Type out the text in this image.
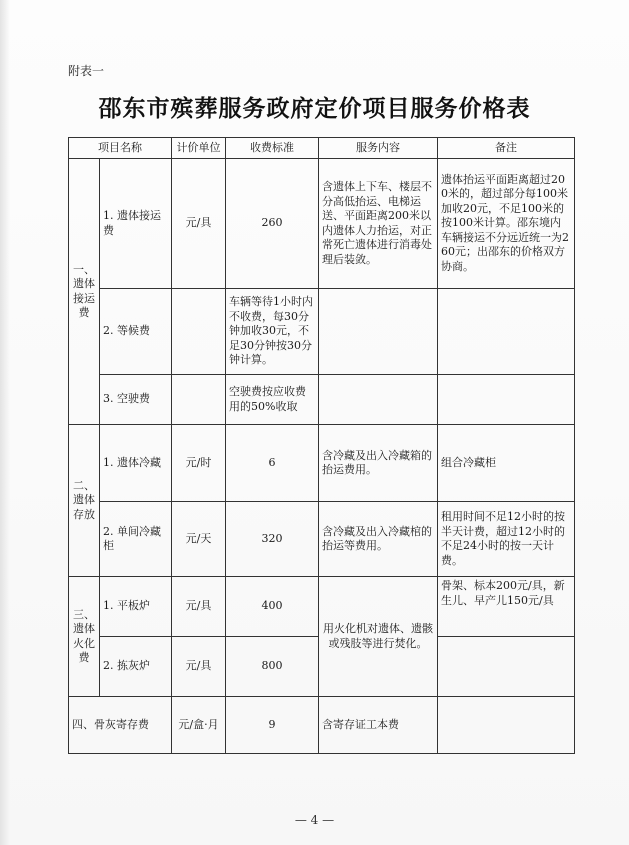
附表一
邵东市殡葬服务政府定价项目服务价格表
项目名称		计价单位	收费标准	服务内容	备注
一、遗体接运费	1. 遗体接运费	元/具	260	含遗体上下车、楼层不分高低抬运、电梯运送、平面距离200米以内遗体人力抬运，对正常死亡遗体进行消毒处理后装敛。	遗体抬运平面距离超过200米的，超过部分每100米加收20元，不足100米的按100米计算。邵东境内车辆接运不分远近统一为260元；出邵东的价格双方协商。
	2. 等候费		车辆等待1小时内不收费，每30分钟加收30元，不足30分钟按30分钟计算。		
	3. 空驶费		空驶费按应收费用的50%收取		
二、遗体存放	1. 遗体冷藏	元/时	6	含冷藏及出入冷藏箱的抬运费用。	组合冷藏柜
	2. 单间冷藏柜	元/天	320	含冷藏及出入冷藏棺的抬运等费用。	租用时间不足12小时的按半天计费，超过12小时的不足24小时的按一天计费。
三、遗体火化费	1. 平板炉	元/具	400	用火化机对遗体、遗骸或残肢等进行焚化。	骨架、标本200元/具，新生儿、早产儿150元/具
	2. 拣灰炉	元/具	800		
四、骨灰寄存费		元/盒·月	9	含寄存证工本费	
— 4 —
